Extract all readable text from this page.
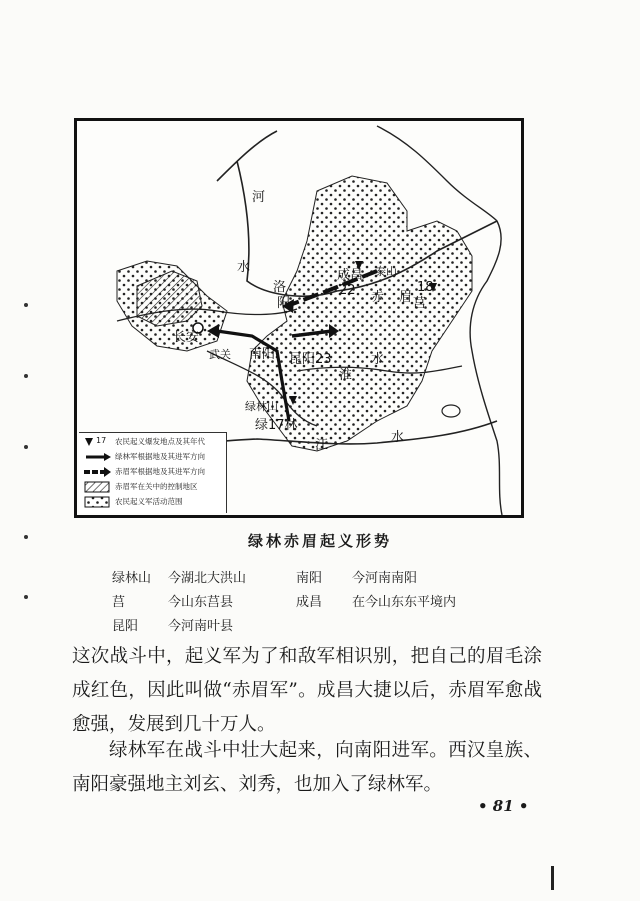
河
水
洛
阳
长安
武关 南阳 昆阳23
成昌
22
泰山
赤 眉 莒
18
淮
水
绿林山
绿17林
江
水
17 农民起义爆发地点及其年代
绿林军根据地及其进军方向
赤眉军根据地及其进军方向
赤眉军在关中的控制地区
农民起义军活动范围
绿林赤眉起义形势
绿林山 今湖北大洪山	南阳 今河南南阳
莒	今山东莒县	成昌 在今山东东平境内
昆阳 今河南叶县
这次战斗中，起义军为了和敌军相识别，把自己的眉毛涂成红色，因此叫做“赤眉军”。成昌大捷以后，赤眉军愈战愈强，发展到几十万人。
绿林军在战斗中壮大起来，向南阳进军。西汉皇族、南阳豪强地主刘玄、刘秀，也加入了绿林军。
• 81 •
